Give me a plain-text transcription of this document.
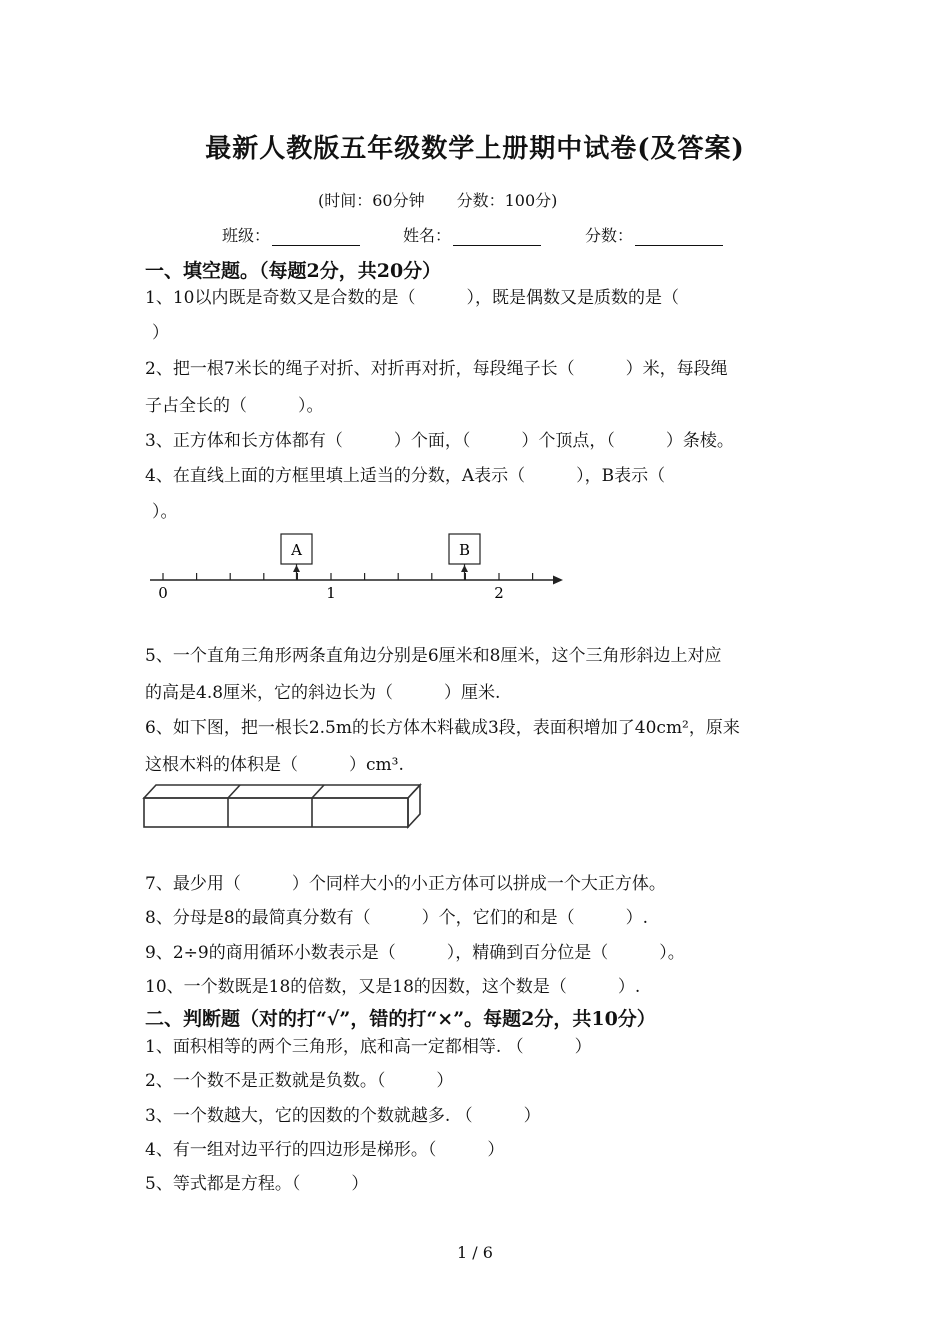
最新人教版五年级数学上册期中试卷(及答案)
(时间：60分钟　　分数：100分)
班级：	姓名：	分数：
一、填空题。（每题2分，共20分）
1、10以内既是奇数又是合数的是（　　　），既是偶数又是质数的是（
）
2、把一根7米长的绳子对折、对折再对折，每段绳子长（　　　）米，每段绳
子占全长的（　　　）。
3、正方体和长方体都有（　　　）个面，（　　　）个顶点，（　　　）条棱。
4、在直线上面的方框里填上适当的分数，A表示（　　　），B表示（
）。
0	1	2
A	B
5、一个直角三角形两条直角边分别是6厘米和8厘米，这个三角形斜边上对应
的高是4.8厘米，它的斜边长为（　　　）厘米.
6、如下图，把一根长2.5m的长方体木料截成3段，表面积增加了40cm²，原来
这根木料的体积是（　　　）cm³.
7、最少用（　　　）个同样大小的小正方体可以拼成一个大正方体。
8、分母是8的最简真分数有（　　　）个，它们的和是（　　　）.
9、2÷9的商用循环小数表示是（　　　），精确到百分位是（　　　）。
10、一个数既是18的倍数，又是18的因数，这个数是（　　　）.
二、判断题（对的打“√”，错的打“×”。每题2分，共10分）
1、面积相等的两个三角形，底和高一定都相等. （　　　）
2、一个数不是正数就是负数。（　　　）
3、一个数越大，它的因数的个数就越多. （　　　）
4、有一组对边平行的四边形是梯形。（　　　）
5、等式都是方程。（　　　）
1 / 6
